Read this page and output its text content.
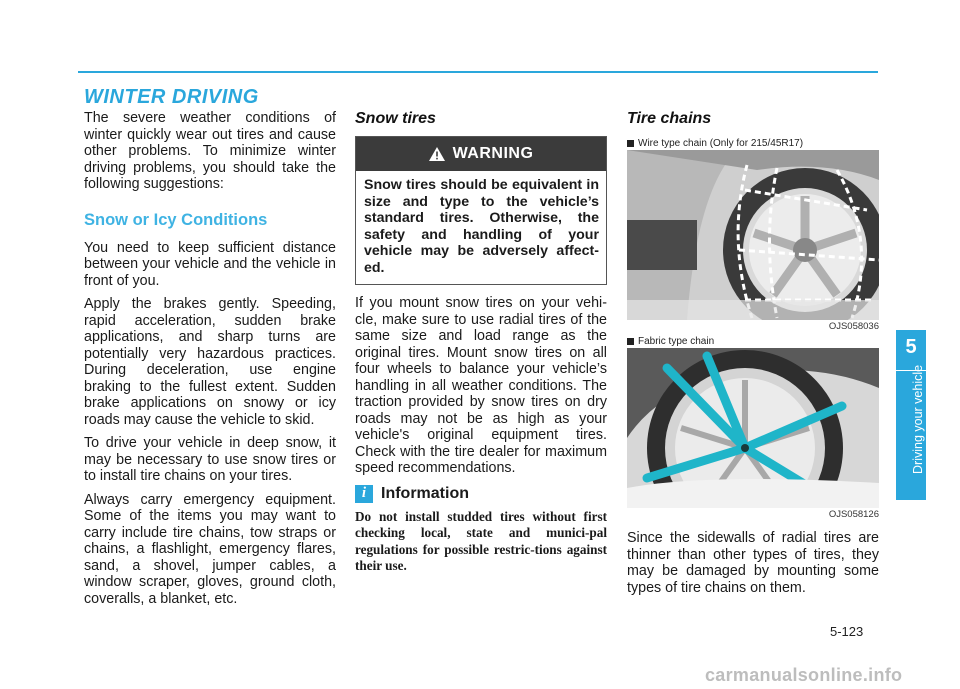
WINTER DRIVING

The severe weather conditions of winter quickly wear out tires and cause other problems. To minimize winter driving problems, you should take the following suggestions:

Snow or Icy Conditions

You need to keep sufficient distance between your vehicle and the vehicle in front of you.

Apply the brakes gently. Speeding, rapid acceleration, sudden brake applications, and sharp turns are potentially very hazardous practices. During deceleration, use engine braking to the fullest extent. Sudden brake applications on snowy or icy roads may cause the vehicle to skid.

To drive your vehicle in deep snow, it may be necessary to use snow tires or to install tire chains on your tires.

Always carry emergency equipment. Some of the items you may want to carry include tire chains, tow straps or chains, a flashlight, emergency flares, sand, a shovel, jumper cables, a window scraper, gloves, ground cloth, coveralls, a blanket, etc.

Snow tires
WARNING
Snow tires should be equivalent in size and type to the vehicle’s standard tires. Otherwise, the safety and handling of your vehicle may be adversely affect-ed.

If you mount snow tires on your vehi-cle, make sure to use radial tires of the same size and load range as the original tires. Mount snow tires on all four wheels to balance your vehicle’s handling in all weather conditions. The traction provided by snow tires on dry roads may not be as high as your vehicle's original equipment tires. Check with the tire dealer for maximum speed recommendations.

i Information

Do not install studded tires without first checking local, state and munici-pal regulations for possible restric-tions against their use.

Tire chains
Wire type chain (Only for 215/45R17)
OJS058036
Fabric type chain
OJS058126

Since the sidewalls of radial tires are thinner than other types of tires, they may be damaged by mounting some types of tire chains on them.

5
Driving your vehicle
5-123
carmanualsonline.info
